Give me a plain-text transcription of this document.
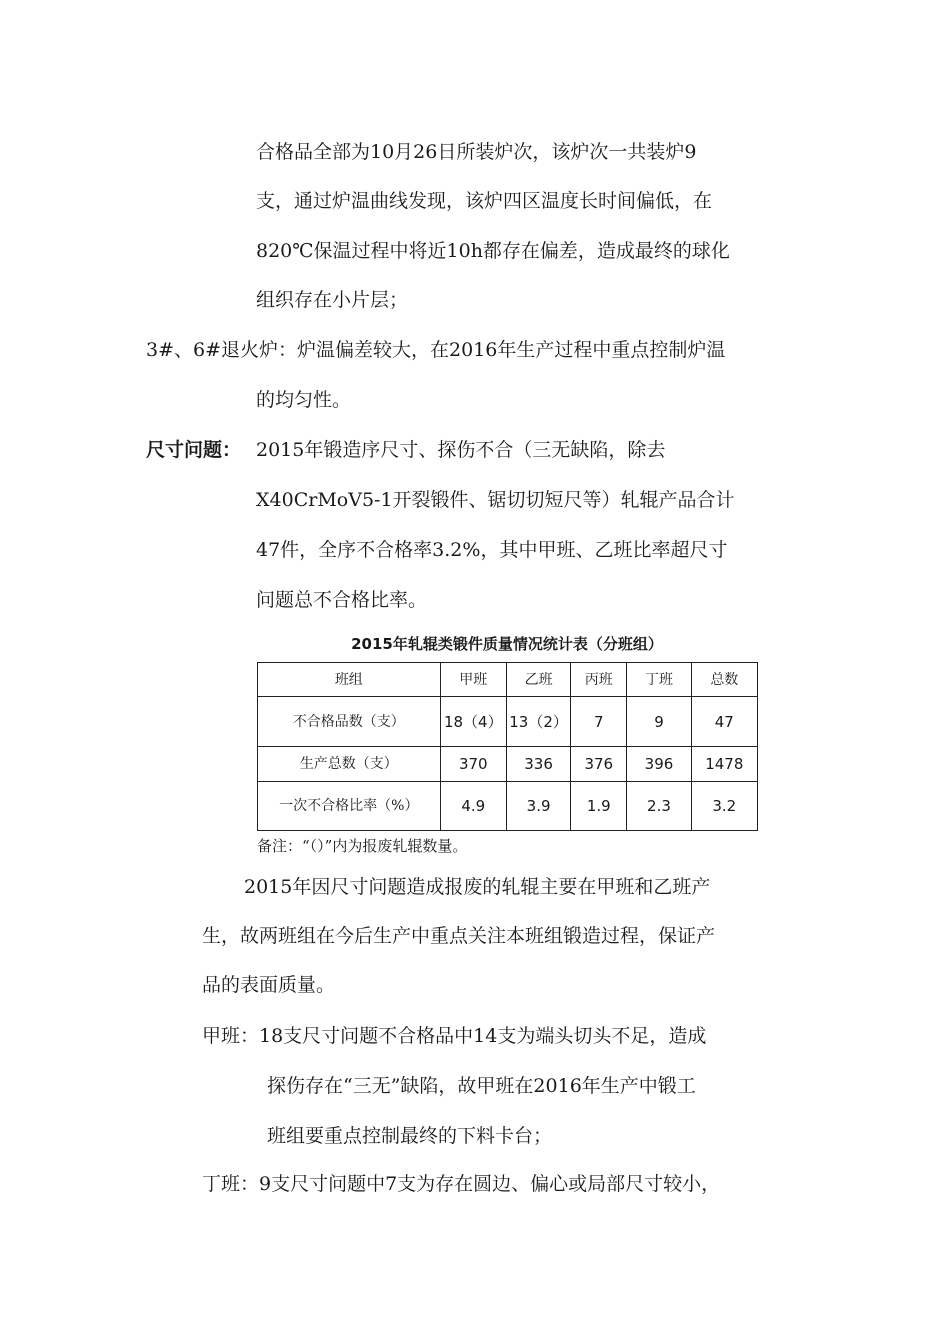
合格品全部为10月26日所装炉次，该炉次一共装炉9
支，通过炉温曲线发现，该炉四区温度长时间偏低，在
820℃保温过程中将近10h都存在偏差，造成最终的球化
组织存在小片层；
3#、6#退火炉：炉温偏差较大，在2016年生产过程中重点控制炉温
的均匀性。
尺寸问题： 2015年锻造序尺寸、探伤不合（三无缺陷，除去
X40CrMoV5-1开裂锻件、锯切切短尺等）轧辊产品合计
47件，全序不合格率3.2%，其中甲班、乙班比率超尺寸
问题总不合格比率。
2015年轧辊类锻件质量情况统计表（分班组）
班组	甲班	乙班	丙班	丁班	总数
不合格品数（支）	18（4）	13（2）	7	9	47
生产总数（支）	370	336	376	396	1478
一次不合格比率（%）	4.9	3.9	1.9	2.3	3.2
备注：“（）”内为报废轧辊数量。
2015年因尺寸问题造成报废的轧辊主要在甲班和乙班产
生，故两班组在今后生产中重点关注本班组锻造过程，保证产
品的表面质量。
甲班：18支尺寸问题不合格品中14支为端头切头不足，造成
探伤存在“三无”缺陷，故甲班在2016年生产中锻工
班组要重点控制最终的下料卡台；
丁班：9支尺寸问题中7支为存在圆边、偏心或局部尺寸较小，
